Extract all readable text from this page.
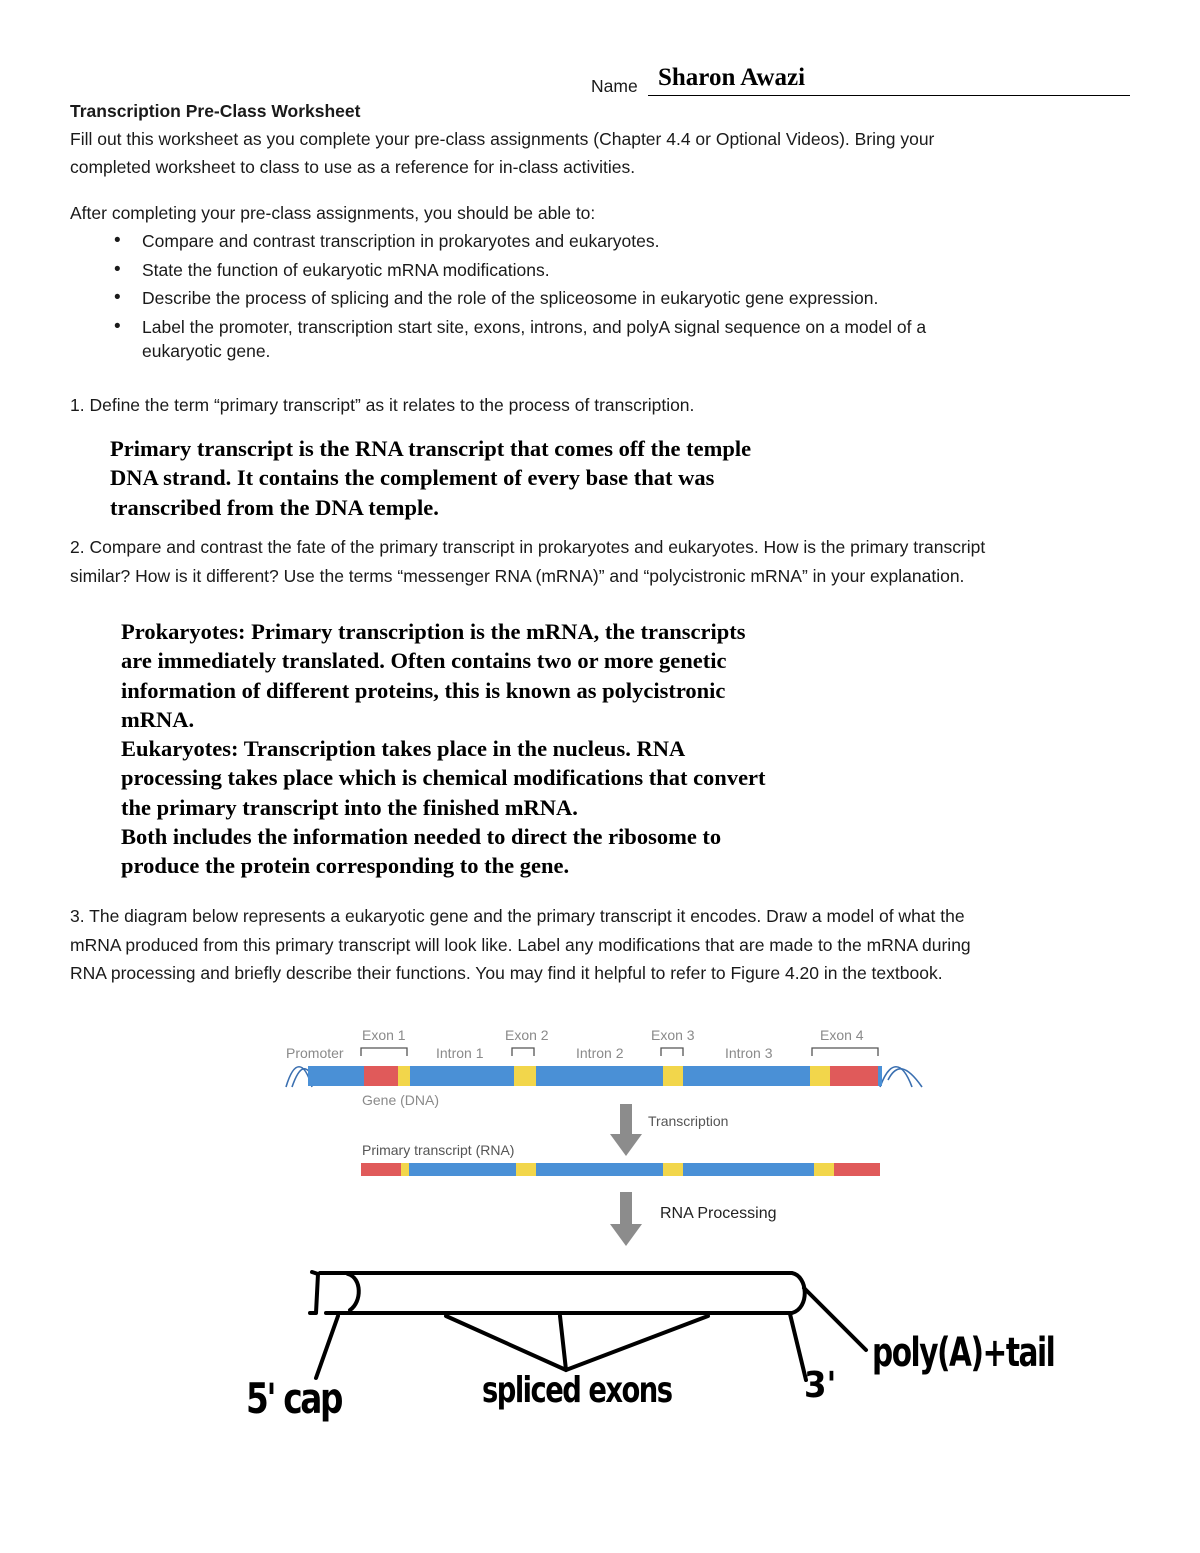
Name Sharon Awazi
Transcription Pre-Class Worksheet
Fill out this worksheet as you complete your pre-class assignments (Chapter 4.4 or Optional Videos). Bring your
completed worksheet to class to use as a reference for in-class activities.
After completing your pre-class assignments, you should be able to:
• Compare and contrast transcription in prokaryotes and eukaryotes.
• State the function of eukaryotic mRNA modifications.
• Describe the process of splicing and the role of the spliceosome in eukaryotic gene expression.
• Label the promoter, transcription start site, exons, introns, and polyA signal sequence on a model of a
eukaryotic gene.
1. Define the term “primary transcript” as it relates to the process of transcription.
Primary transcript is the RNA transcript that comes off the temple
DNA strand. It contains the complement of every base that was
transcribed from the DNA temple.
2. Compare and contrast the fate of the primary transcript in prokaryotes and eukaryotes. How is the primary transcript
similar? How is it different? Use the terms “messenger RNA (mRNA)” and “polycistronic mRNA” in your explanation.
Prokaryotes: Primary transcription is the mRNA, the transcripts
are immediately translated. Often contains two or more genetic
information of different proteins, this is known as polycistronic
mRNA.
Eukaryotes: Transcription takes place in the nucleus. RNA
processing takes place which is chemical modifications that convert
the primary transcript into the finished mRNA.
Both includes the information needed to direct the ribosome to
produce the protein corresponding to the gene.
3. The diagram below represents a eukaryotic gene and the primary transcript it encodes. Draw a model of what the
mRNA produced from this primary transcript will look like. Label any modifications that are made to the mRNA during
RNA processing and briefly describe their functions. You may find it helpful to refer to Figure 4.20 in the textbook.
Exon 1	Exon 2	Exon 3	Exon 4
Promoter	Intron 1	Intron 2	Intron 3
Gene (DNA)
Transcription
Primary transcript (RNA)
RNA Processing
5' cap	spliced exons	3'
poly(A)+tail
